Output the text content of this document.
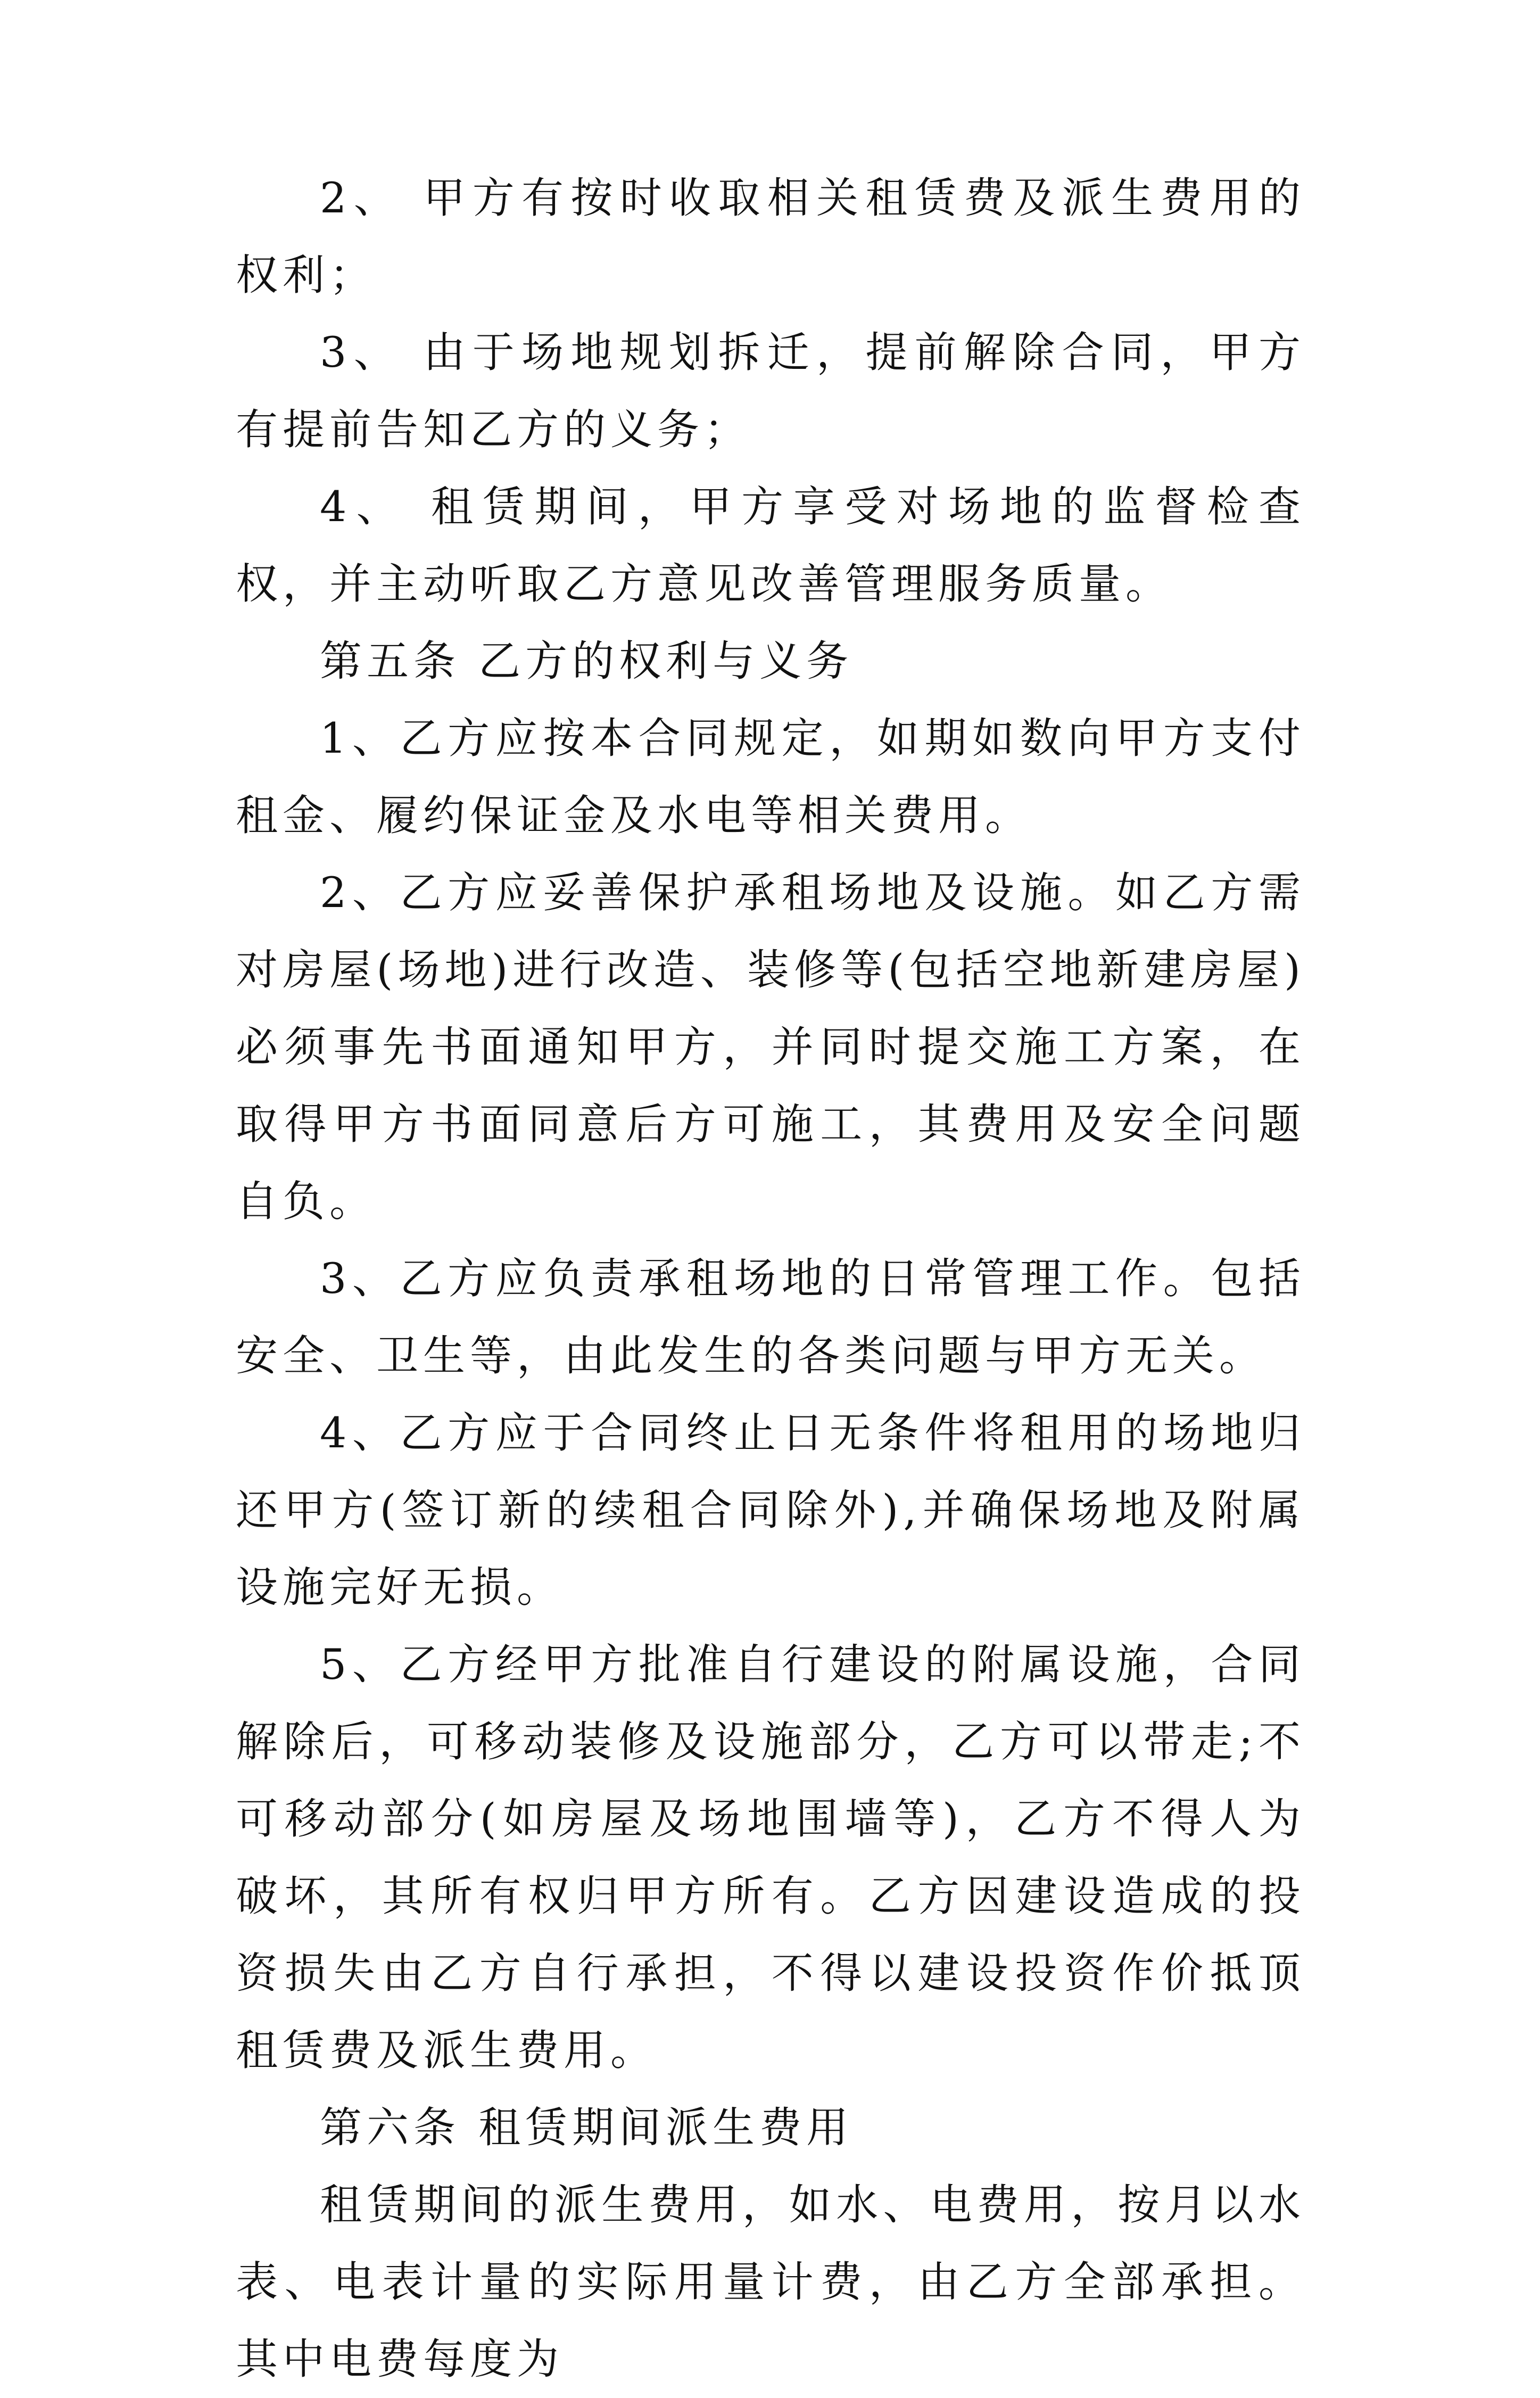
2、 甲方有按时收取相关租赁费及派生费用的权利；

3、 由于场地规划拆迁，提前解除合同，甲方有提前告知乙方的义务；

4、 租赁期间，甲方享受对场地的监督检查权，并主动听取乙方意见改善管理服务质量。

第五条 乙方的权利与义务

1、乙方应按本合同规定，如期如数向甲方支付租金、履约保证金及水电等相关费用。

2、乙方应妥善保护承租场地及设施。如乙方需对房屋(场地)进行改造、装修等(包括空地新建房屋)必须事先书面通知甲方，并同时提交施工方案，在取得甲方书面同意后方可施工，其费用及安全问题自负。

3、乙方应负责承租场地的日常管理工作。包括安全、卫生等，由此发生的各类问题与甲方无关。

4、乙方应于合同终止日无条件将租用的场地归还甲方(签订新的续租合同除外),并确保场地及附属设施完好无损。

5、乙方经甲方批准自行建设的附属设施，合同解除后，可移动装修及设施部分，乙方可以带走;不可移动部分(如房屋及场地围墙等)，乙方不得人为破坏，其所有权归甲方所有。乙方因建设造成的投资损失由乙方自行承担，不得以建设投资作价抵顶租赁费及派生费用。

第六条 租赁期间派生费用

租赁期间的派生费用，如水、电费用，按月以水表、电表计量的实际用量计费，由乙方全部承担。其中电费每度为
